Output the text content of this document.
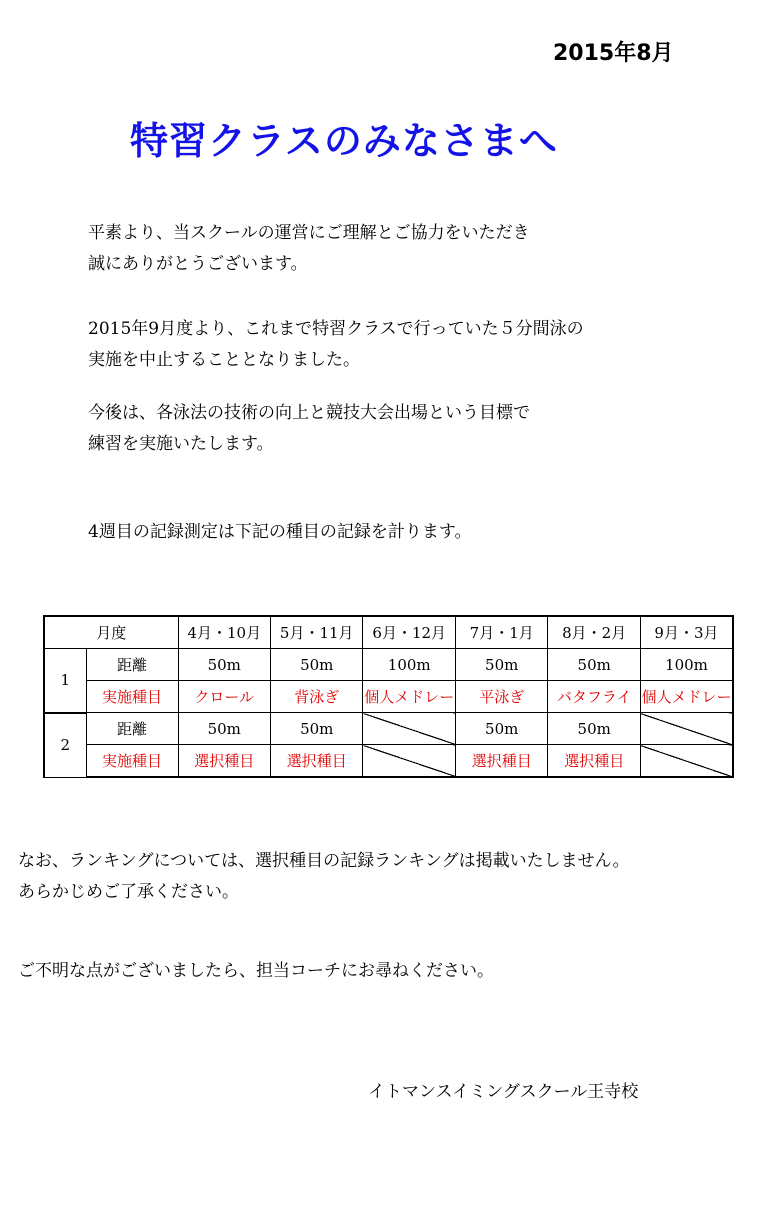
2015年8月
特習クラスのみなさまへ
平素より、当スクールの運営にご理解とご協力をいただき
誠にありがとうございます。
2015年9月度より、これまで特習クラスで行っていた５分間泳の
実施を中止することとなりました。
今後は、各泳法の技術の向上と競技大会出場という目標で
練習を実施いたします。
4週目の記録測定は下記の種目の記録を計ります。
月度		4月・10月	5月・11月	6月・12月	7月・1月	8月・2月	9月・3月
1	距離	50m	50m	100m	50m	50m	100m
	実施種目	クロール	背泳ぎ	個人メドレー	平泳ぎ	バタフライ	個人メドレー
2	距離	50m	50m		50m	50m	
	実施種目	選択種目	選択種目		選択種目	選択種目	
なお、ランキングについては、選択種目の記録ランキングは掲載いたしません。
あらかじめご了承ください。
ご不明な点がございましたら、担当コーチにお尋ねください。
イトマンスイミングスクール王寺校
